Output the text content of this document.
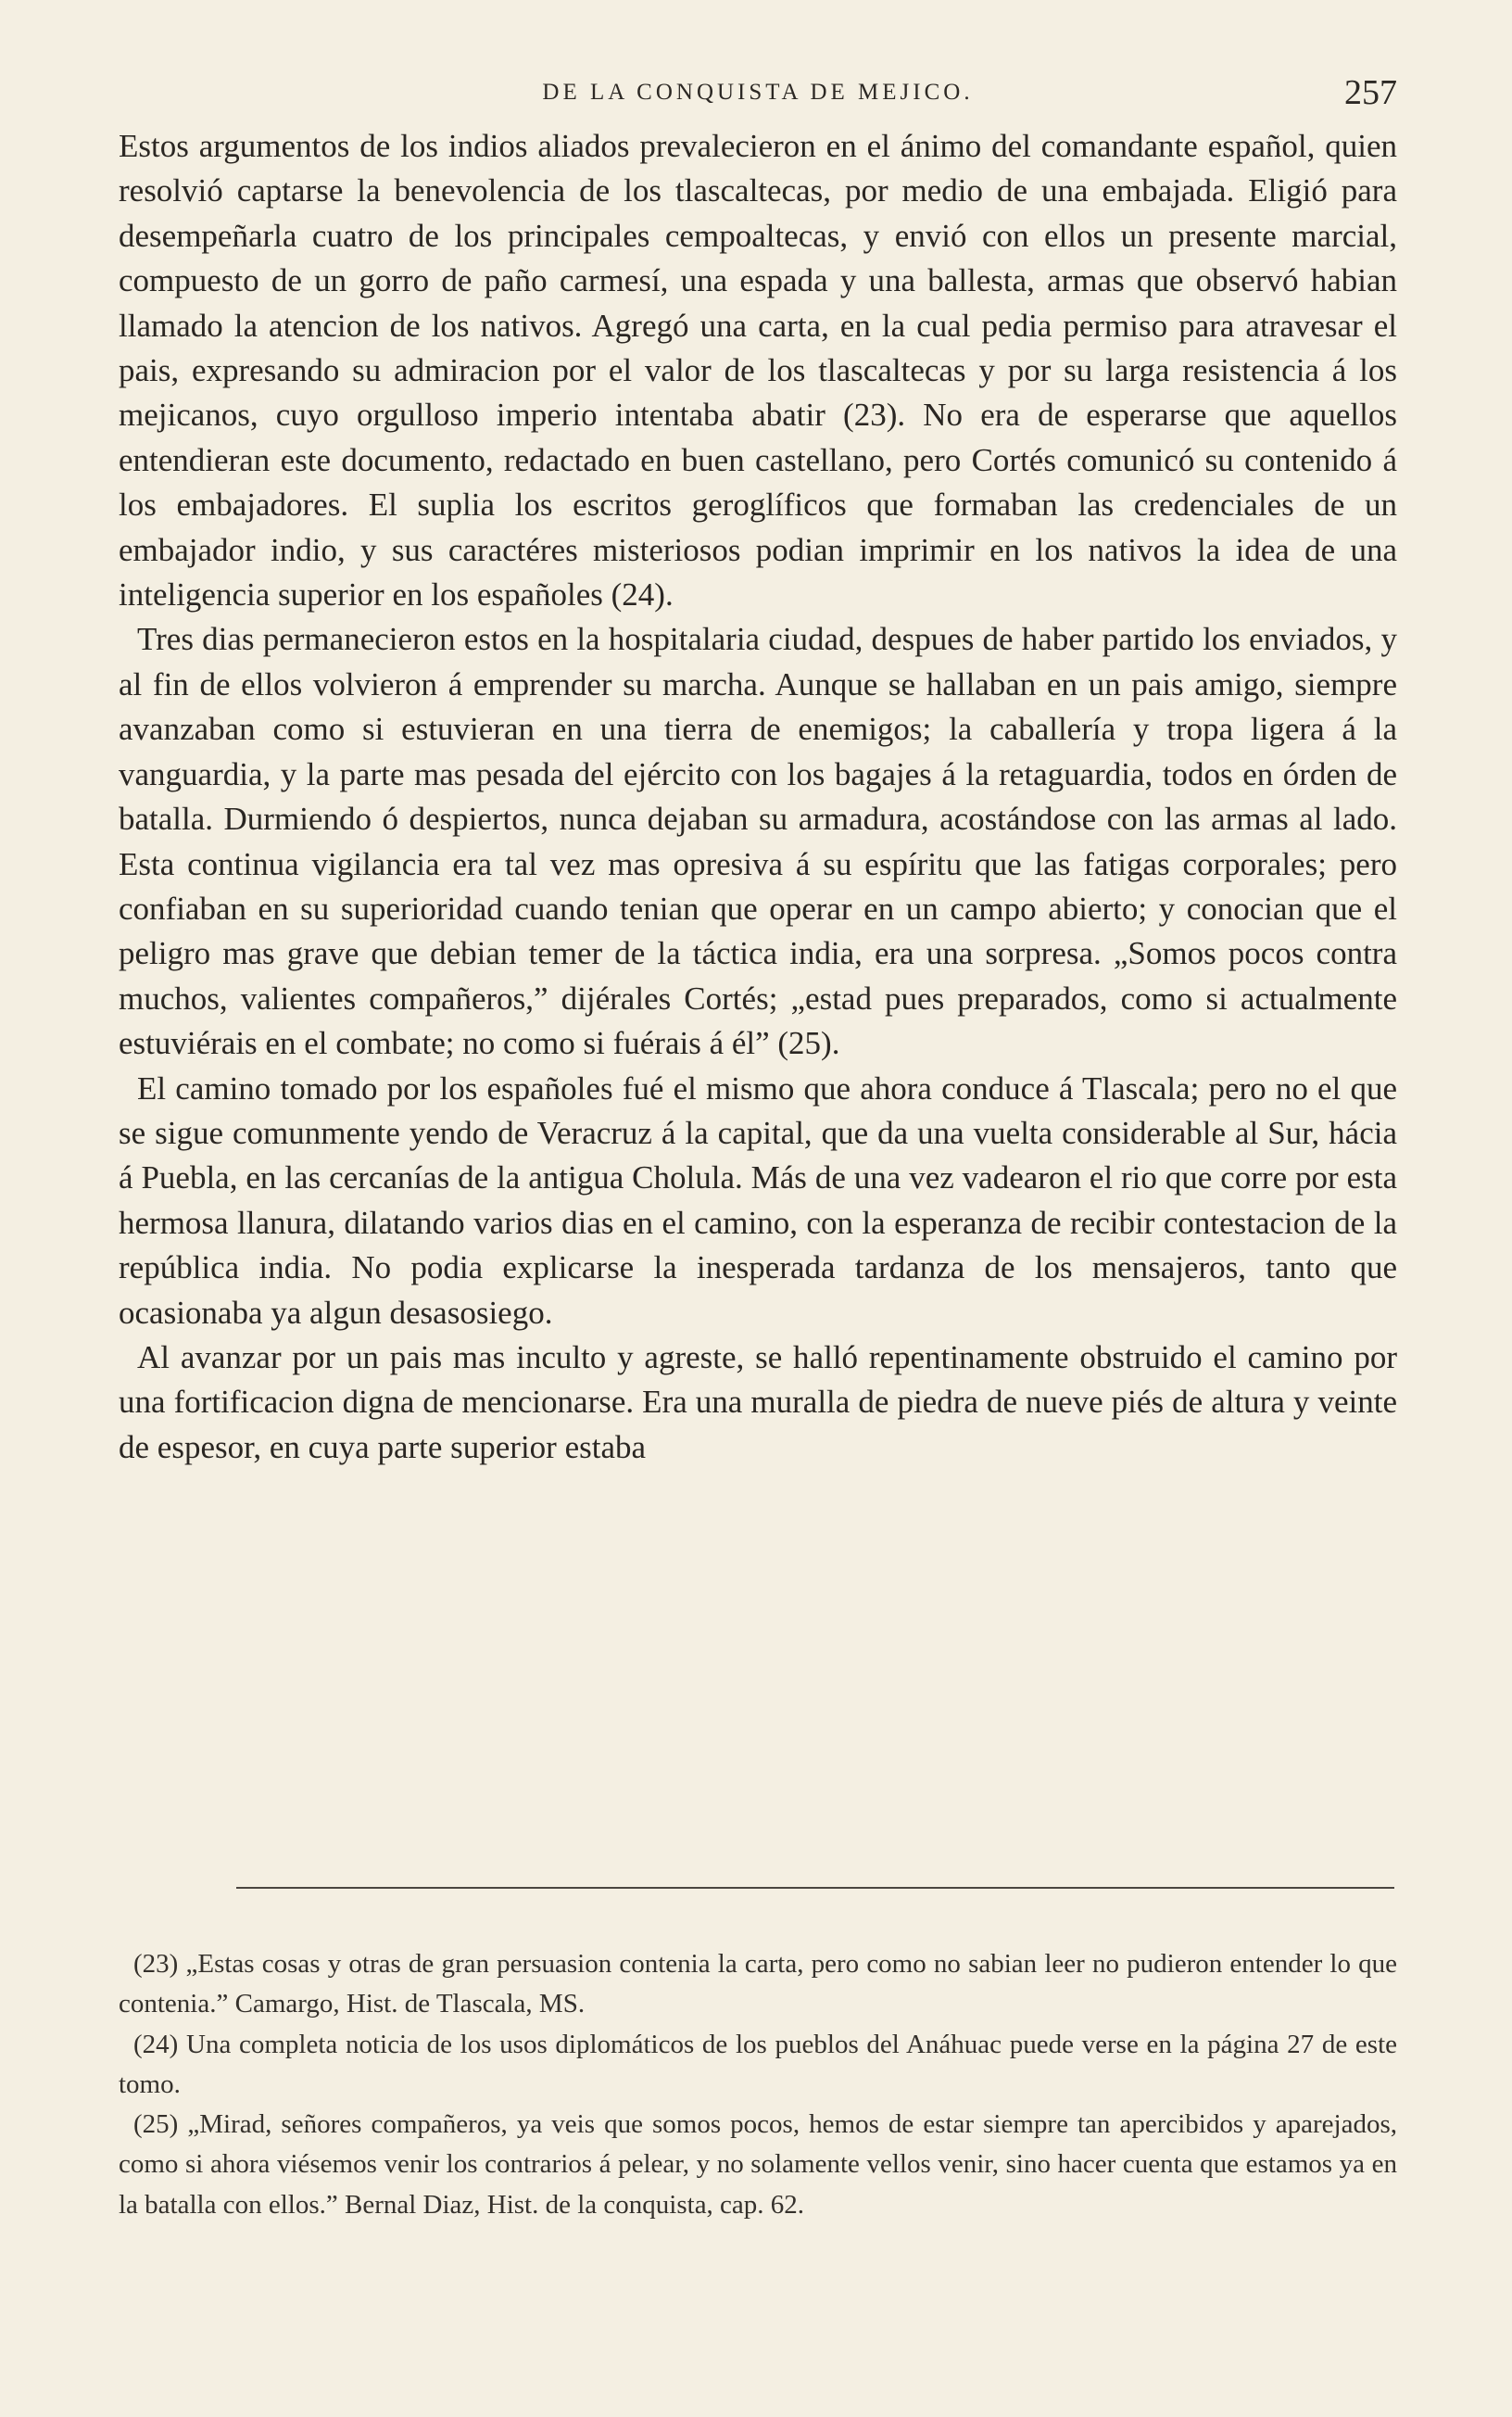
DE LA CONQUISTA DE MEJICO.	257

Estos argumentos de los indios aliados prevalecieron en el ánimo del comandante español, quien resolvió captarse la benevolencia de los tlascaltecas, por medio de una embajada. Eligió para desempeñarla cuatro de los principales cempoaltecas, y envió con ellos un presente marcial, compuesto de un gorro de paño carmesí, una espada y una ballesta, armas que observó habian llamado la atencion de los nativos. Agregó una carta, en la cual pedia permiso para atravesar el pais, expresando su admiracion por el valor de los tlascaltecas y por su larga resistencia á los mejicanos, cuyo orgulloso imperio intentaba abatir (23). No era de esperarse que aquellos entendieran este documento, redactado en buen castellano, pero Cortés comunicó su contenido á los embajadores. El suplia los escritos geroglíficos que formaban las credenciales de un embajador indio, y sus caractéres misteriosos podian imprimir en los nativos la idea de una inteligencia superior en los españoles (24).

Tres dias permanecieron estos en la hospitalaria ciudad, despues de haber partido los enviados, y al fin de ellos volvieron á emprender su marcha. Aunque se hallaban en un pais amigo, siempre avanzaban como si estuvieran en una tierra de enemigos; la caballería y tropa ligera á la vanguardia, y la parte mas pesada del ejército con los bagajes á la retaguardia, todos en órden de batalla. Durmiendo ó despiertos, nunca dejaban su armadura, acostándose con las armas al lado. Esta continua vigilancia era tal vez mas opresiva á su espíritu que las fatigas corporales; pero confiaban en su superioridad cuando tenian que operar en un campo abierto; y conocian que el peligro mas grave que debian temer de la táctica india, era una sorpresa. „Somos pocos contra muchos, valientes compañeros,” dijérales Cortés; „estad pues preparados, como si actualmente estuviérais en el combate; no como si fuérais á él” (25).

El camino tomado por los españoles fué el mismo que ahora conduce á Tlascala; pero no el que se sigue comunmente yendo de Veracruz á la capital, que da una vuelta considerable al Sur, hácia á Puebla, en las cercanías de la antigua Cholula. Más de una vez vadearon el rio que corre por esta hermosa llanura, dilatando varios dias en el camino, con la esperanza de recibir contestacion de la república india. No podia explicarse la inesperada tardanza de los mensajeros, tanto que ocasionaba ya algun desasosiego.

Al avanzar por un pais mas inculto y agreste, se halló repentinamente obstruido el camino por una fortificacion digna de mencionarse. Era una muralla de piedra de nueve piés de altura y veinte de espesor, en cuya parte superior estaba

(23) „Estas cosas y otras de gran persuasion contenia la carta, pero como no sabian leer no pudieron entender lo que contenia.” Camargo, Hist. de Tlascala, MS.

(24) Una completa noticia de los usos diplomáticos de los pueblos del Anáhuac puede verse en la página 27 de este tomo.

(25) „Mirad, señores compañeros, ya veis que somos pocos, hemos de estar siempre tan apercibidos y aparejados, como si ahora viésemos venir los contrarios á pelear, y no solamente vellos venir, sino hacer cuenta que estamos ya en la batalla con ellos.” Bernal Diaz, Hist. de la conquista, cap. 62.
